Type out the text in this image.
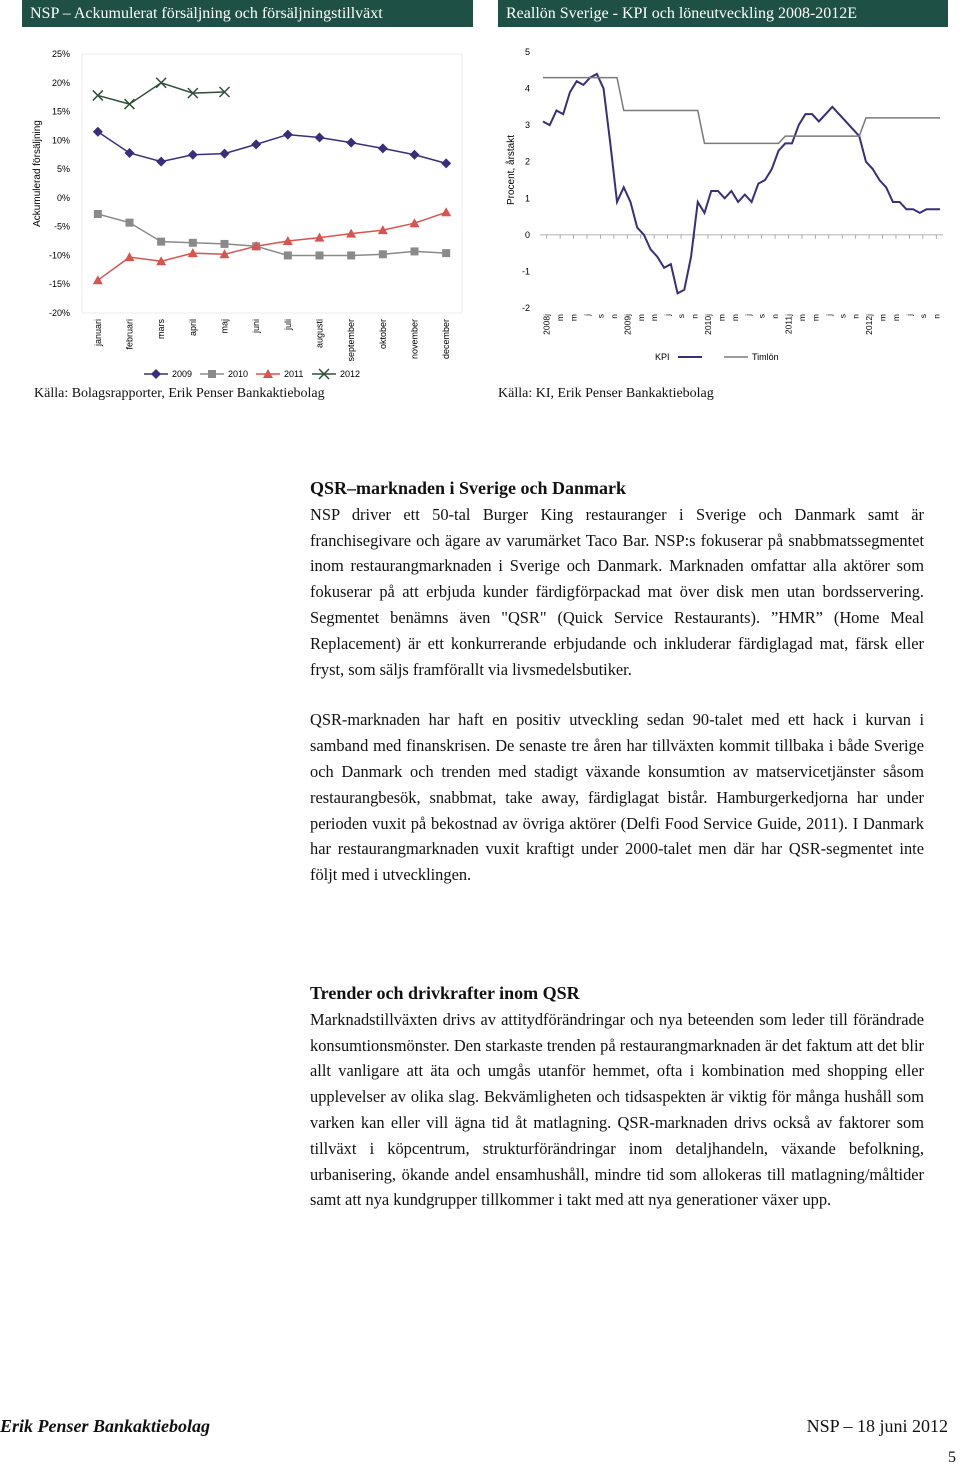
NSP – Ackumulerat försäljning och försäljningstillväxt	Reallön Sverige - KPI och löneutveckling 2008-2012E
25%
20%
15%
10%
5%
0%
-5%
-10%
-15%
-20%
Ackumulerad försäljning
januari februari mars april maj juni juli augusti september oktober november december
2009	2010	2011	2012
5
4
3
2
1
0
-1
-2
Procent, årstakt
2008j m m j s n 2009j m m j s n 2010j m m j s n 2011j m m j s n 2012j m m j s n
KPI	Timlön
Källa: Bolagsrapporter, Erik Penser Bankaktiebolag	Källa: KI, Erik Penser Bankaktiebolag
QSR–marknaden i Sverige och Danmark

NSP driver ett 50-tal Burger King restauranger i Sverige och Danmark samt är franchisegivare och ägare av varumärket Taco Bar. NSP:s fokuserar på snabbmatssegmentet inom restaurangmarknaden i Sverige och Danmark. Marknaden omfattar alla aktörer som fokuserar på att erbjuda kunder färdigförpackad mat över disk men utan bordsservering. Segmentet benämns även "QSR" (Quick Service Restaurants). ”HMR” (Home Meal Replacement) är ett konkurrerande erbjudande och inkluderar färdiglagad mat, färsk eller fryst, som säljs framförallt via livsmedelsbutiker.

QSR-marknaden har haft en positiv utveckling sedan 90-talet med ett hack i kurvan i samband med finanskrisen. De senaste tre åren har tillväxten kommit tillbaka i både Sverige och Danmark och trenden med stadigt växande konsumtion av matservicetjänster såsom restaurangbesök, snabbmat, take away, färdiglagat bistår. Hamburgerkedjorna har under perioden vuxit på bekostnad av övriga aktörer (Delfi Food Service Guide, 2011). I Danmark har restaurangmarknaden vuxit kraftigt under 2000-talet men där har QSR-segmentet inte följt med i utvecklingen.

Trender och drivkrafter inom QSR

Marknadstillväxten drivs av attitydförändringar och nya beteenden som leder till förändrade konsumtionsmönster. Den starkaste trenden på restaurangmarknaden är det faktum att det blir allt vanligare att äta och umgås utanför hemmet, ofta i kombination med shopping eller upplevelser av olika slag. Bekvämligheten och tidsaspekten är viktig för många hushåll som varken kan eller vill ägna tid åt matlagning. QSR-marknaden drivs också av faktorer som tillväxt i köpcentrum, strukturförändringar inom detaljhandeln, växande befolkning, urbanisering, ökande andel ensamhushåll, mindre tid som allokeras till matlagning/måltider samt att nya kundgrupper tillkommer i takt med att nya generationer växer upp.

Erik Penser Bankaktiebolag	NSP – 18 juni 2012
5
